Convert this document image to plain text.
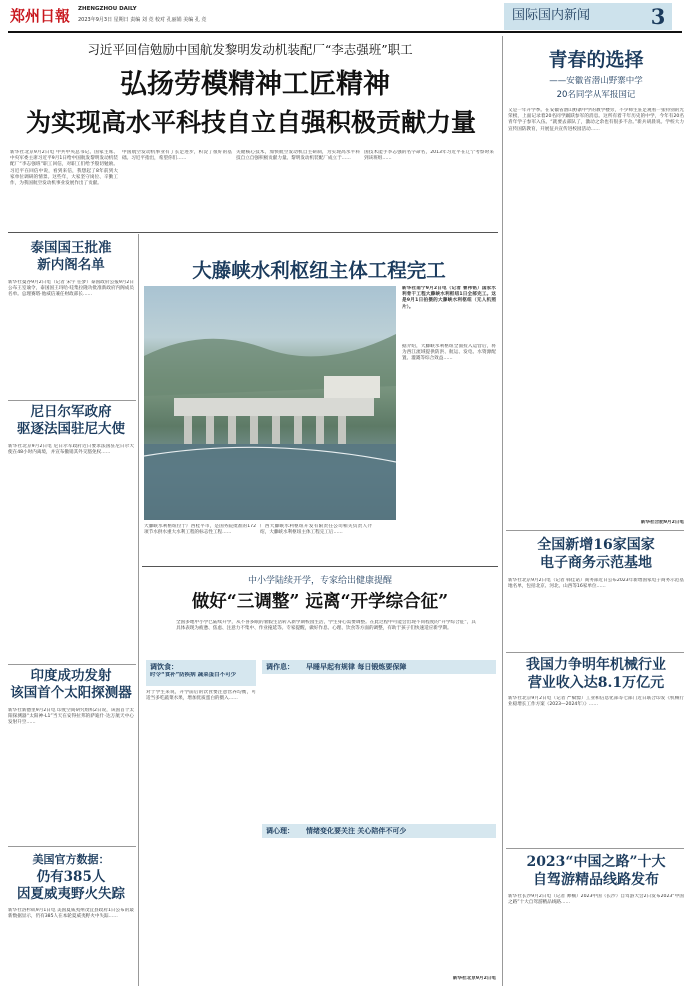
郑州日報	ZHENGZHOU DAILY
2023年9月3日 星期日 责编 刘 竞 校对 孔丽娟 美编 孔 竞	国际国内新闻	3
习近平回信勉励中国航发黎明发动机装配厂“李志强班”职工
弘扬劳模精神工匠精神
为实现高水平科技自立自强积极贡献力量
新华社北京9月2日电 中共中央总书记、国家主席、中央军委主席习近平9月1日给中国航发黎明发动机装配厂“李志强班”职工回信，对职工们给予殷切勉励。习近平在回信中说，看到来信，我想起了8年前到大家单位调研的情景。这些年，大家坚守岗位、辛勤工作，为我国航空发动机事业发展作出了贡献。
中国航空发动机事业有了长足进步，积淀了很好的基础。习近平指出，希望你们……
关键核心技术，加快航空发动机自主研制，为实现高水平科技自立自强积极贡献力量。黎明发动机装配厂成立于……
国技术能手李志强的名字命名，2013年习近平在辽宁考察时来到该班组……
青春的选择
——安徽省潜山野寨中学
20名同学从军报国记
又是一年开学季。在安徽省潜山野寨中学的教学楼旁，不少师生驻足观看一张特别的光荣榜，上面记录着20名同学踊跃参军的消息。这所有着千年历史的中学，今年有20名青年学子参军入伍。“就要去部队了，激动之余也有很多不舍。”新兵胡晨说。学校大力宣传国防教育，开展征兵宣传进校园活动……
新华社合肥9月2日电
全国新增16家国家
电子商务示范基地
新华社北京9月2日电（记者 韩佳诺）商务部近日公布2023年新增国家电子商务示范基地名单，包括北京、河北、山西等16家单位……
我国力争明年机械行业
营业收入达8.1万亿元
新华社北京9月2日电（记者 严赋憬）工业和信息化部等七部门近日联合印发《机械行业稳增长工作方案（2023—2024年）》……
2023“中国之路”十大
自驾游精品线路发布
新华社长沙9月2日电（记者 帅楠）2023中国（长沙）自驾游大会2日发布2023“中国之路”十大自驾游精品线路……
泰国国王批准
新内阁名单
新华社曼谷9月2日电（记者 宋宇 任梦）泰国政府公报9月2日公布王室谕令，泰国国王玛哈·哇集拉隆功批准新政府内阁成员名单。总理赛塔·他威信兼任财政部长……
尼日尔军政府
驱逐法国驻尼大使
新华社北京9月2日电 尼日尔军政府近日要求法国驻尼日尔大使在48小时内离境，并宣布撤销其外交豁免权……
印度成功发射
该国首个太阳探测器
新华社新德里9月2日电 印度空间研究组织2日说，该国首个太阳探测器“太阳神-L1”当天在安得拉邦的萨迪什·达万航天中心发射升空……
美国官方数据：
仍有385人
因夏威夷野火失踪
新华社洛杉矶9月1日电 美国夏威夷州茂宜县政府1日公布的最新数据显示，仍有385人在本轮夏威夷野火中失踪……
大藤峡水利枢纽主体工程完工
新华社南宁9月2日电（记者 曹祎铭）国家水利骨干工程大藤峡水利枢纽1日全部完工。这是9月1日拍摄的大藤峡水利枢纽（无人机照片）。
大藤峡水利枢纽位于广西桂平市，是国务院批准的172项节水供水重大水利工程的标志性工程……
广西大藤峡水利枢纽开发有限责任公司相关负责人介绍，大藤峡水利枢纽主体工程完工后……
据介绍，大藤峡水利枢纽全面投入运营后，将为西江流域提供防洪、航运、发电、水资源配置、灌溉等综合效益……
中小学陆续开学，专家给出健康提醒
做好“三调整” 远离“开学综合征”
全国多地中小学已陆续开学，从不喜多眠的暑假生活转入新学期校园生活，学生身心需要调整。在此过程中可能会出现不同程度的“开学综合征”，其具体表现为疲惫、焦虑、注意力不集中、作业拖延等。专家提醒，做好作息、心理、饮食等方面的调整，有助于孩子们快速适应新学期。
调饮食：
时令“食补”防疾病 蔬菜蛋白不可少
调作息：	早睡早起有规律 每日锻炼要保障
调心理：	情绪变化要关注 关心陪伴不可少
对于学生来说，开学前后的饮食要注意营养均衡，可适当多吃蔬菜水果，增加优质蛋白的摄入……
新华社北京9月2日电
